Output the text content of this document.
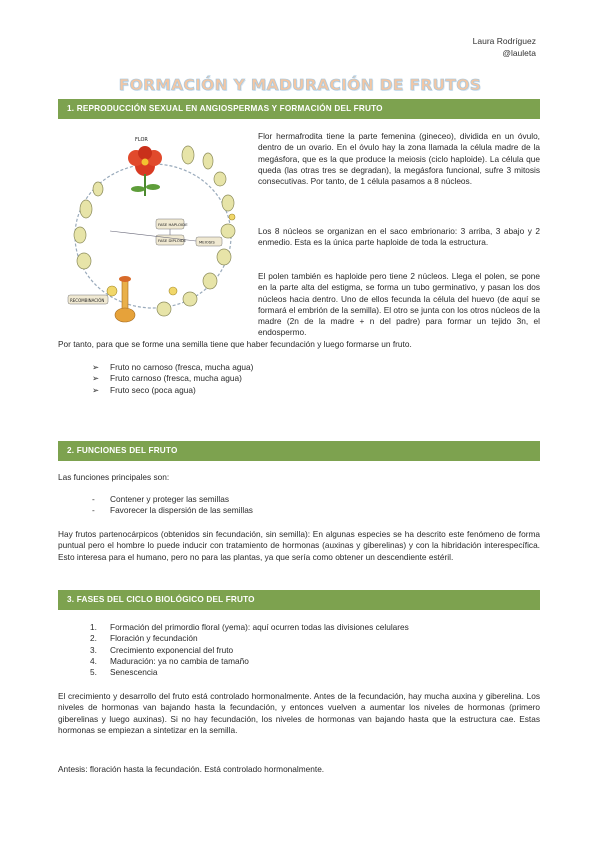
Laura Rodríguez
@lauleta
FORMACIÓN Y MADURACIÓN DE FRUTOS
1. REPRODUCCIÓN SEXUAL EN ANGIOSPERMAS Y FORMACIÓN DEL FRUTO
FLOR
RECOMBINACIÓN
FASE HAPLOIDE
FASE DIPLOIDE	MEIOSIS
Flor hermafrodita tiene la parte femenina (gineceo), dividida en un óvulo, dentro de un ovario. En el óvulo hay la zona llamada la célula madre de la megásfora, que es la que produce la meiosis (ciclo haploide). La célula que queda (las otras tres se degradan), la megásfora funcional, sufre 3 mitosis consecutivas. Por tanto, de 1 célula pasamos a 8 núcleos.
Los 8 núcleos se organizan en el saco embrionario: 3 arriba, 3 abajo y 2 enmedio. Esta es la única parte haploide de toda la estructura.
El polen también es haploide pero tiene 2 núcleos. Llega el polen, se pone en la parte alta del estigma, se forma un tubo germinativo, y pasan los dos núcleos hacia dentro. Uno de ellos fecunda la célula del huevo (de aquí se formará el embrión de la semilla). El otro se junta con los otros núcleos de la madre (2n de la madre + n del padre) para formar un tejido 3n, el endospermo.
Por tanto, para que se forme una semilla tiene que haber fecundación y luego formarse un fruto.
➢ Fruto no carnoso (fresca, mucha agua)
➢ Fruto carnoso (fresca, mucha agua)
➢ Fruto seco (poca agua)
2. FUNCIONES DEL FRUTO
Las funciones principales son:
- Contener y proteger las semillas
- Favorecer la dispersión de las semillas
Hay frutos partenocárpicos (obtenidos sin fecundación, sin semilla): En algunas especies se ha descrito este fenómeno de forma puntual pero el hombre lo puede inducir con tratamiento de hormonas (auxinas y giberelinas) y con la hibridación interespecífica. Esto interesa para el humano, pero no para las plantas, ya que sería como obtener un descendiente estéril.
3. FASES DEL CICLO BIOLÓGICO DEL FRUTO
1. Formación del primordio floral (yema): aquí ocurren todas las divisiones celulares
2. Floración y fecundación
3. Crecimiento exponencial del fruto
4. Maduración: ya no cambia de tamaño
5. Senescencia
El crecimiento y desarrollo del fruto está controlado hormonalmente. Antes de la fecundación, hay mucha auxina y giberelina. Los niveles de hormonas van bajando hasta la fecundación, y entonces vuelven a aumentar los niveles de hormonas (primero giberelinas y luego auxinas). Si no hay fecundación, los niveles de hormonas van bajando hasta que la estructura cae. Estas hormonas se empiezan a sintetizar en la semilla.
Antesis: floración hasta la fecundación. Está controlado hormonalmente.
